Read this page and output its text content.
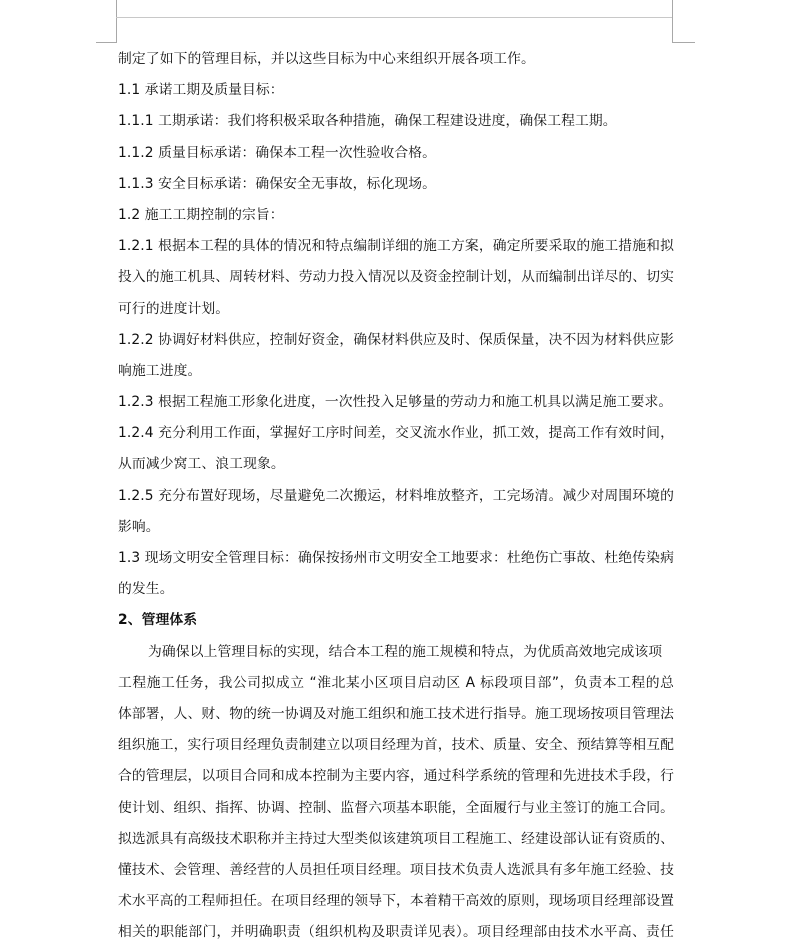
制定了如下的管理目标，并以这些目标为中心来组织开展各项工作。
1.1 承诺工期及质量目标：
1.1.1 工期承诺：我们将积极采取各种措施，确保工程建设进度，确保工程工期。
1.1.2 质量目标承诺：确保本工程一次性验收合格。
1.1.3 安全目标承诺：确保安全无事故，标化现场。
1.2 施工工期控制的宗旨：
1.2.1 根据本工程的具体的情况和特点编制详细的施工方案，确定所要采取的施工措施和拟
投入的施工机具、周转材料、劳动力投入情况以及资金控制计划，从而编制出详尽的、切实
可行的进度计划。
1.2.2 协调好材料供应，控制好资金，确保材料供应及时、保质保量，决不因为材料供应影
响施工进度。
1.2.3 根据工程施工形象化进度，一次性投入足够量的劳动力和施工机具以满足施工要求。
1.2.4 充分利用工作面，掌握好工序时间差，交叉流水作业，抓工效，提高工作有效时间，
从而减少窝工、浪工现象。
1.2.5 充分布置好现场，尽量避免二次搬运，材料堆放整齐，工完场清。减少对周围环境的
影响。
1.3 现场文明安全管理目标：确保按扬州市文明安全工地要求：杜绝伤亡事故、杜绝传染病
的发生。
2、管理体系
为确保以上管理目标的实现，结合本工程的施工规模和特点，为优质高效地完成该项
工程施工任务，我公司拟成立 “淮北某小区项目启动区 A 标段项目部”，负责本工程的总
体部署，人、财、物的统一协调及对施工组织和施工技术进行指导。施工现场按项目管理法
组织施工，实行项目经理负责制建立以项目经理为首，技术、质量、安全、预结算等相互配
合的管理层，以项目合同和成本控制为主要内容，通过科学系统的管理和先进技术手段，行
使计划、组织、指挥、协调、控制、监督六项基本职能，全面履行与业主签订的施工合同。
拟选派具有高级技术职称并主持过大型类似该建筑项目工程施工、经建设部认证有资质的、
懂技术、会管理、善经营的人员担任项目经理。项目技术负责人选派具有多年施工经验、技
术水平高的工程师担任。在项目经理的领导下，本着精干高效的原则，现场项目经理部设置
相关的职能部门，并明确职责（组织机构及职责详见表）。项目经理部由技术水平高、责任
